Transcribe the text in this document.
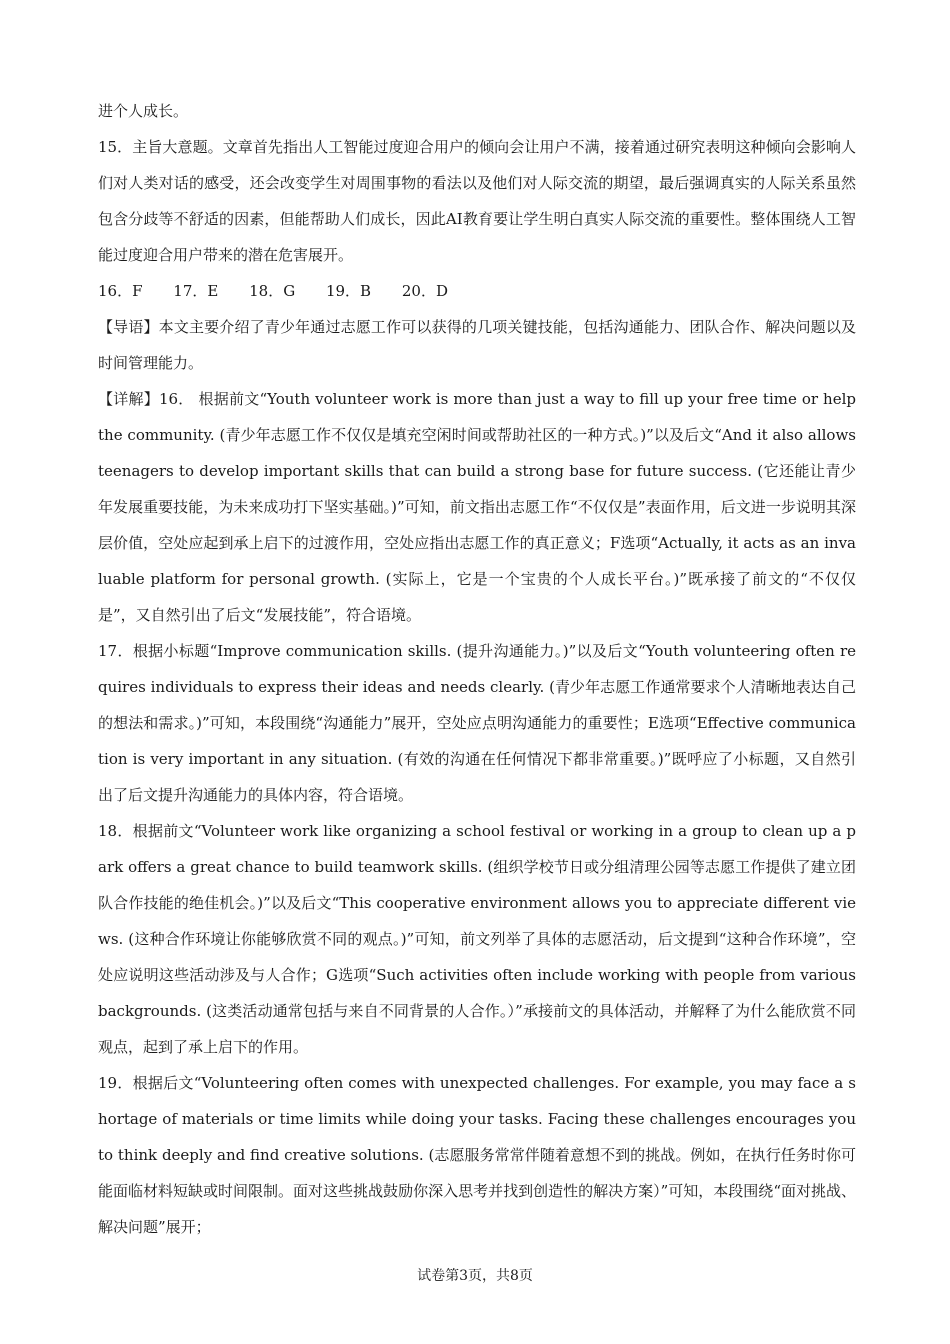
进个人成长。

15．主旨大意题。文章首先指出人工智能过度迎合用户的倾向会让用户不满，接着通过研究表明这种倾向会影响人们对人类对话的感受，还会改变学生对周围事物的看法以及他们对人际交流的期望，最后强调真实的人际关系虽然包含分歧等不舒适的因素，但能帮助人们成长，因此AI教育要让学生明白真实人际交流的重要性。整体围绕人工智能过度迎合用户带来的潜在危害展开。

16．F 17．E 18．G 19．B 20．D

【导语】本文主要介绍了青少年通过志愿工作可以获得的几项关键技能，包括沟通能力、团队合作、解决问题以及时间管理能力。

【详解】16． 根据前文“Youth volunteer work is more than just a way to fill up your free time or help the community. (青少年志愿工作不仅仅是填充空闲时间或帮助社区的一种方式。)”以及后文“And it also allows teenagers to develop important skills that can build a strong base for future success. (它还能让青少年发展重要技能，为未来成功打下坚实基础。)”可知，前文指出志愿工作“不仅仅是”表面作用，后文进一步说明其深层价值，空处应起到承上启下的过渡作用，空处应指出志愿工作的真正意义；F选项“Actually, it acts as an invaluable platform for personal growth. (实际上，它是一个宝贵的个人成长平台。)”既承接了前文的“不仅仅是”，又自然引出了后文“发展技能”，符合语境。

17．根据小标题“Improve communication skills. (提升沟通能力。)”以及后文“Youth volunteering often requires individuals to express their ideas and needs clearly. (青少年志愿工作通常要求个人清晰地表达自己的想法和需求。)”可知，本段围绕“沟通能力”展开，空处应点明沟通能力的重要性；E选项“Effective communication is very important in any situation. (有效的沟通在任何情况下都非常重要。)”既呼应了小标题，又自然引出了后文提升沟通能力的具体内容，符合语境。

18．根据前文“Volunteer work like organizing a school festival or working in a group to clean up a park offers a great chance to build teamwork skills. (组织学校节日或分组清理公园等志愿工作提供了建立团队合作技能的绝佳机会。)”以及后文“This cooperative environment allows you to appreciate different views. (这种合作环境让你能够欣赏不同的观点。)”可知，前文列举了具体的志愿活动，后文提到“这种合作环境”，空处应说明这些活动涉及与人合作；G选项“Such activities often include working with people from various backgrounds. (这类活动通常包括与来自不同背景的人合作。）”承接前文的具体活动，并解释了为什么能欣赏不同观点，起到了承上启下的作用。

19．根据后文“Volunteering often comes with unexpected challenges. For example, you may face a shortage of materials or time limits while doing your tasks. Facing these challenges encourages you to think deeply and find creative solutions. (志愿服务常常伴随着意想不到的挑战。例如，在执行任务时你可能面临材料短缺或时间限制。面对这些挑战鼓励你深入思考并找到创造性的解决方案）”可知，本段围绕“面对挑战、解决问题”展开；

试卷第3页，共8页
